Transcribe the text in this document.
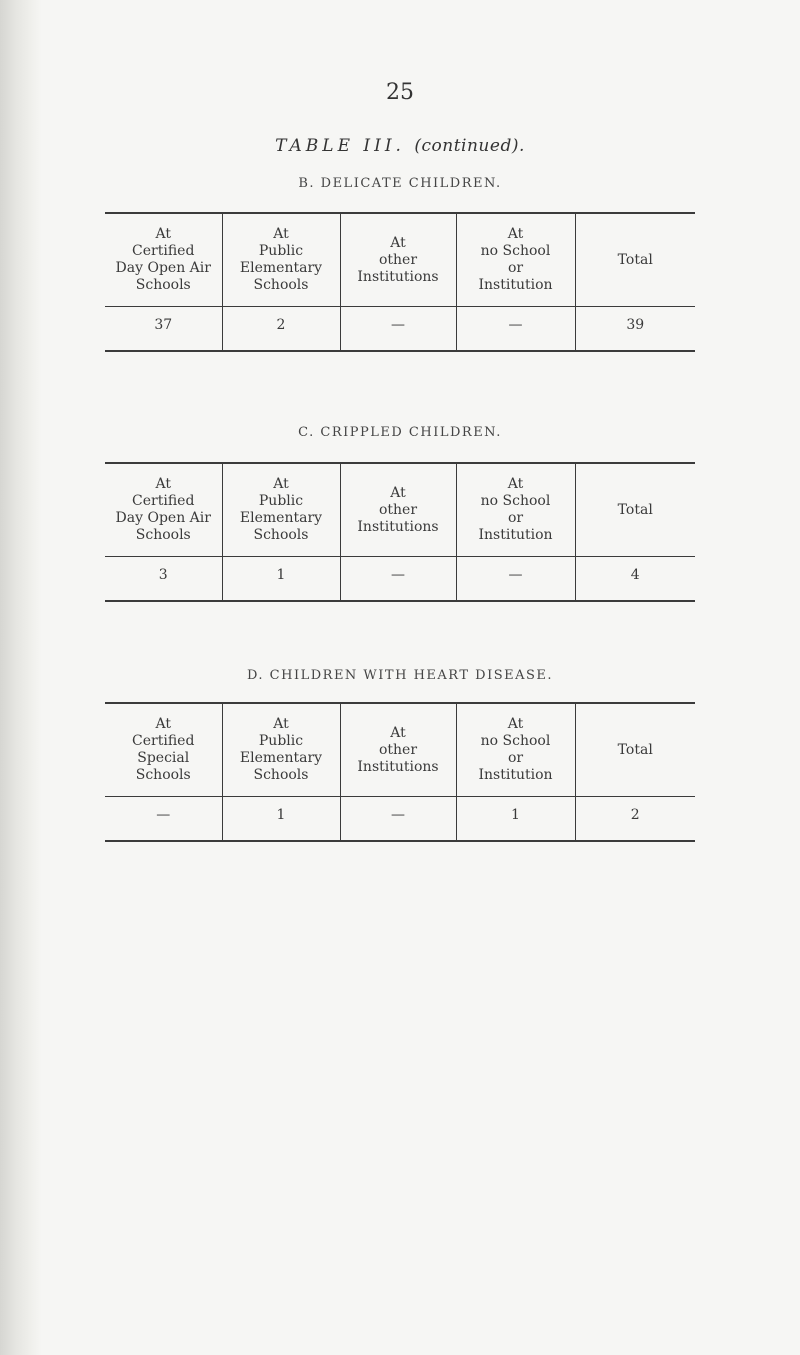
25
TABLE III. (continued).
B. DELICATE CHILDREN.
At
Certified
Day Open Air
Schools	At
Public
Elementary
Schools	At
other
Institutions	At
no School
or
Institution	Total
37	2	—	—	39
C. CRIPPLED CHILDREN.
At
Certified
Day Open Air
Schools	At
Public
Elementary
Schools	At
other
Institutions	At
no School
or
Institution	Total
3	1	—	—	4
D. CHILDREN WITH HEART DISEASE.
At
Certified
Special
Schools	At
Public
Elementary
Schools	At
other
Institutions	At
no School
or
Institution	Total
—	1	—	1	2
